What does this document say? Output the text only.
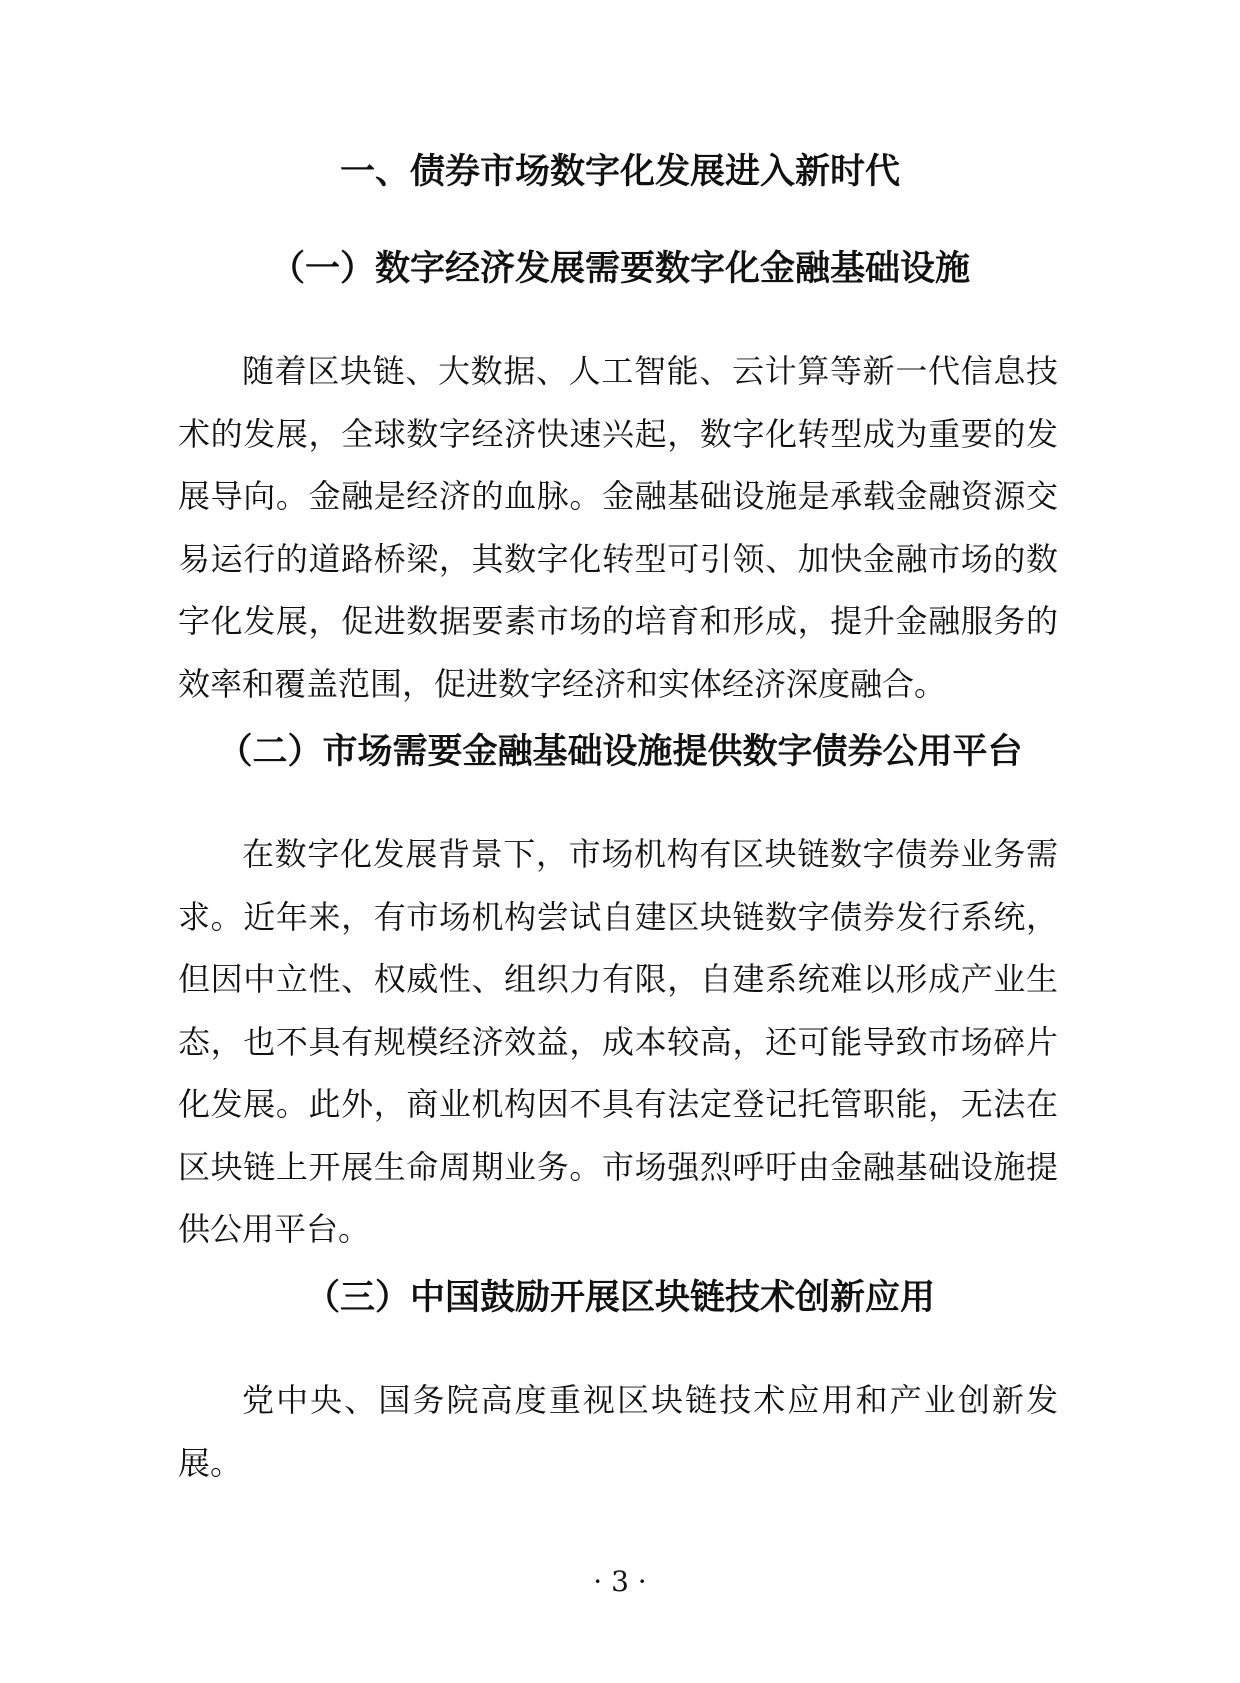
一、债券市场数字化发展进入新时代
（一）数字经济发展需要数字化金融基础设施

随着区块链、大数据、人工智能、云计算等新一代信息技术的发展，全球数字经济快速兴起，数字化转型成为重要的发展导向。金融是经济的血脉。金融基础设施是承载金融资源交易运行的道路桥梁，其数字化转型可引领、加快金融市场的数字化发展，促进数据要素市场的培育和形成，提升金融服务的效率和覆盖范围，促进数字经济和实体经济深度融合。

（二）市场需要金融基础设施提供数字债券公用平台

在数字化发展背景下，市场机构有区块链数字债券业务需求。近年来，有市场机构尝试自建区块链数字债券发行系统，但因中立性、权威性、组织力有限，自建系统难以形成产业生态，也不具有规模经济效益，成本较高，还可能导致市场碎片化发展。此外，商业机构因不具有法定登记托管职能，无法在区块链上开展生命周期业务。市场强烈呼吁由金融基础设施提供公用平台。

（三）中国鼓励开展区块链技术创新应用

党中央、国务院高度重视区块链技术应用和产业创新发展。

· 3 ·
